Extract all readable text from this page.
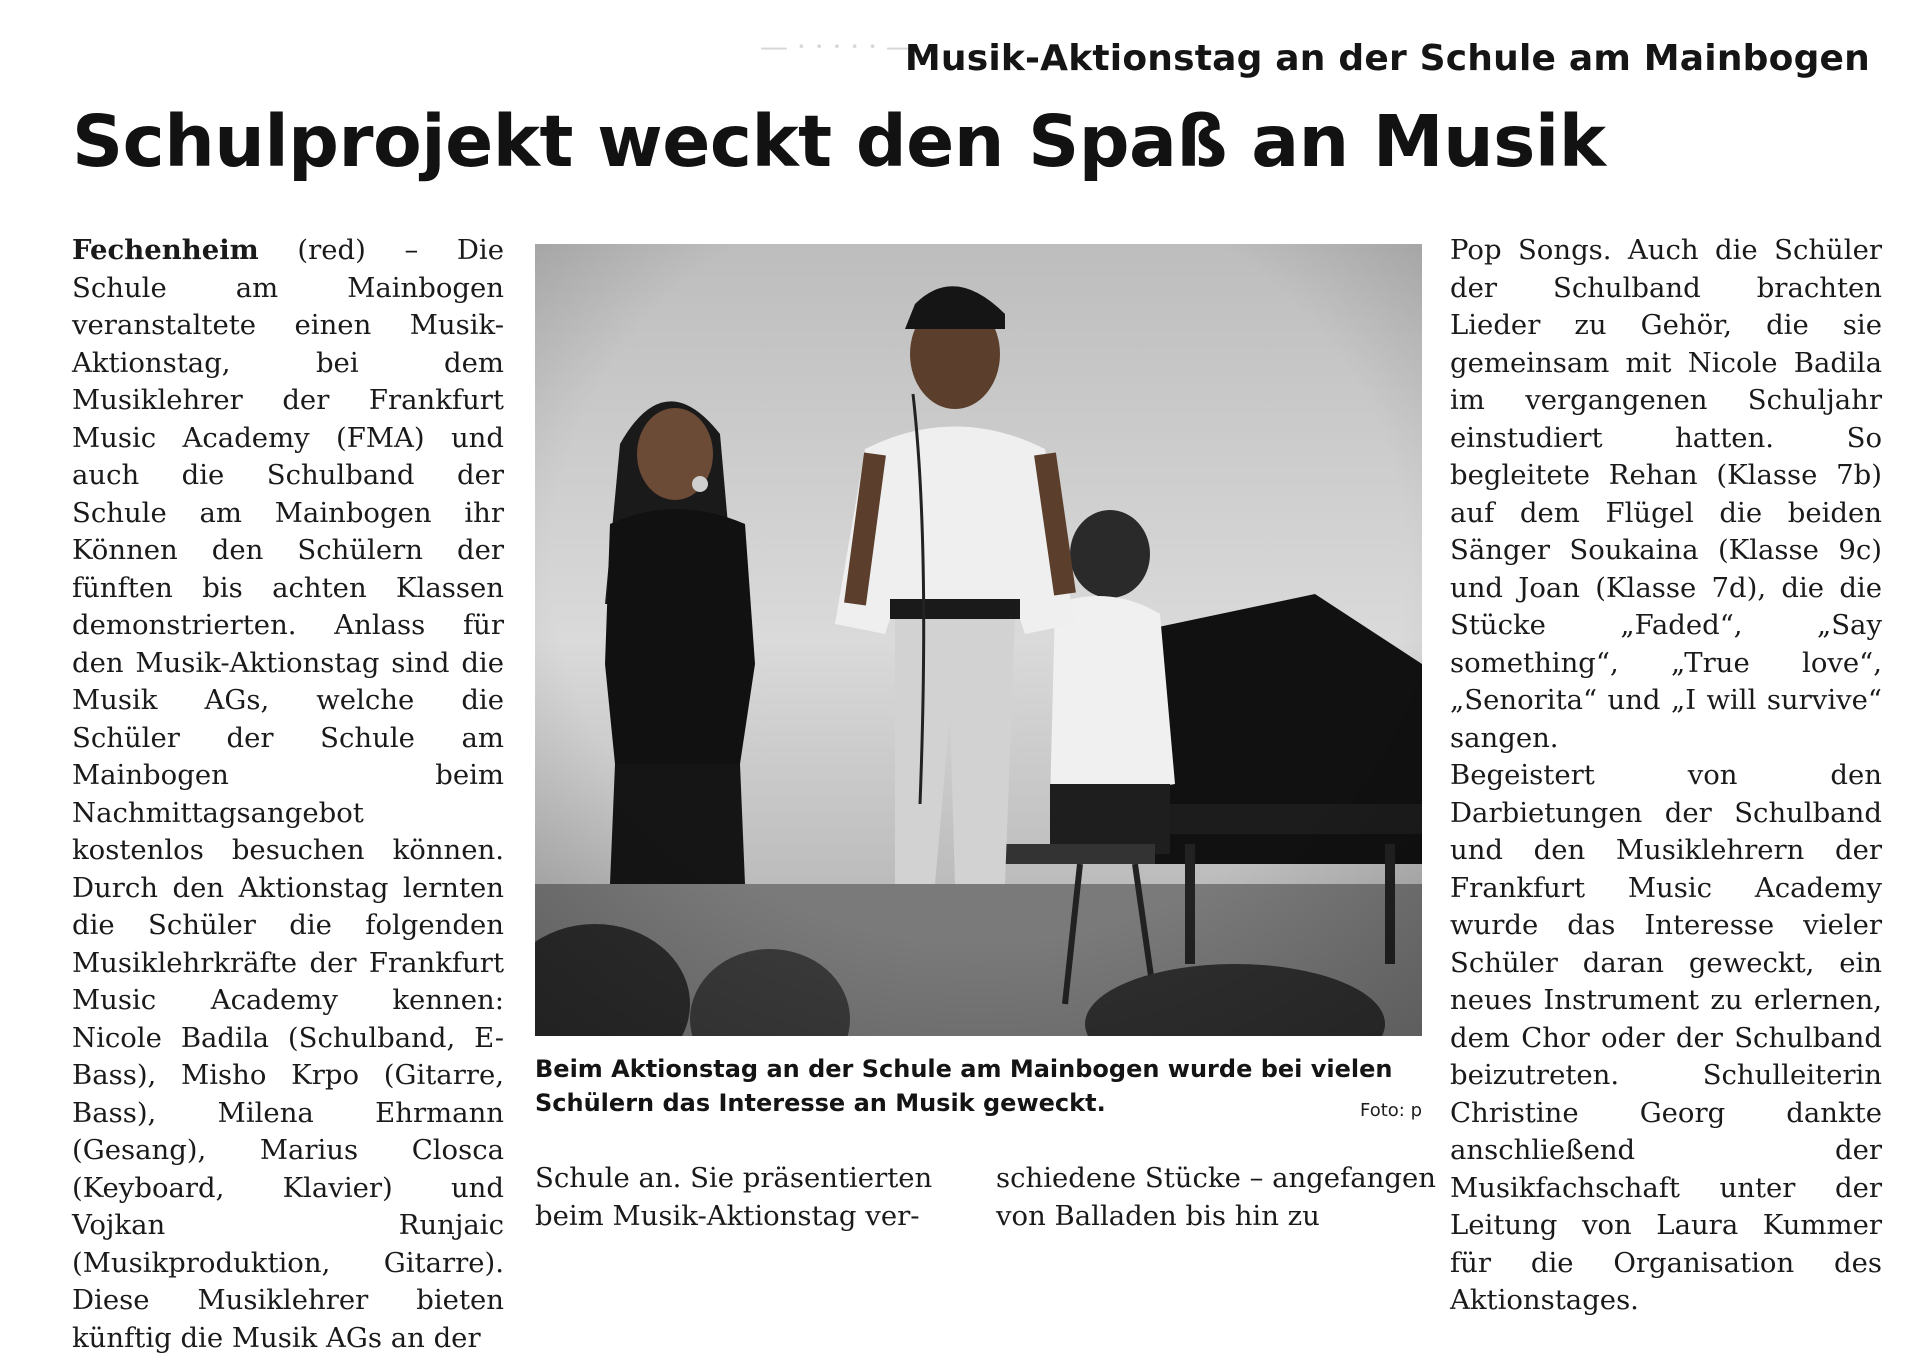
— · · · · · —
Musik-Aktionstag an der Schule am Mainbogen
Schulprojekt weckt den Spaß an Musik

Fechenheim (red) – Die Schule am Mainbogen veranstaltete einen Musik-Aktionstag, bei dem Musiklehrer der Frankfurt Music Academy (FMA) und auch die Schulband der Schule am Mainbogen ihr Können den Schülern der fünften bis achten Klassen demonstrierten. Anlass für den Musik-Aktionstag sind die Musik AGs, welche die Schüler der Schule am Mainbogen beim Nachmittagsangebot kostenlos besuchen können. Durch den Aktionstag lernten die Schüler die folgenden Musiklehrkräfte der Frankfurt Music Academy kennen: Nicole Badila (Schulband, E-Bass), Misho Krpo (Gitarre, Bass), Milena Ehrmann (Gesang), Marius Closca (Keyboard, Klavier) und Vojkan Runjaic (Musikproduktion, Gitarre). Diese Musiklehrer bieten künftig die Musik AGs an der

Beim Aktionstag an der Schule am Mainbogen wurde bei vielen Schülern das Interesse an Musik geweckt.	Foto: p

Schule an. Sie präsentierten beim Musik-Aktionstag ver-

schiedene Stücke – angefangen von Balladen bis hin zu

Pop Songs. Auch die Schüler der Schulband brachten Lieder zu Gehör, die sie gemeinsam mit Nicole Badila im vergangenen Schuljahr einstudiert hatten. So begleitete Rehan (Klasse 7b) auf dem Flügel die beiden Sänger Soukaina (Klasse 9c) und Joan (Klasse 7d), die die Stücke „Faded“, „Say something“, „True love“, „Senorita“ und „I will survive“ sangen.

Begeistert von den Darbietungen der Schulband und den Musiklehrern der Frankfurt Music Academy wurde das Interesse vieler Schüler daran geweckt, ein neues Instrument zu erlernen, dem Chor oder der Schulband beizutreten. Schulleiterin Christine Georg dankte anschließend der Musikfachschaft unter der Leitung von Laura Kummer für die Organisation des Aktionstages.
